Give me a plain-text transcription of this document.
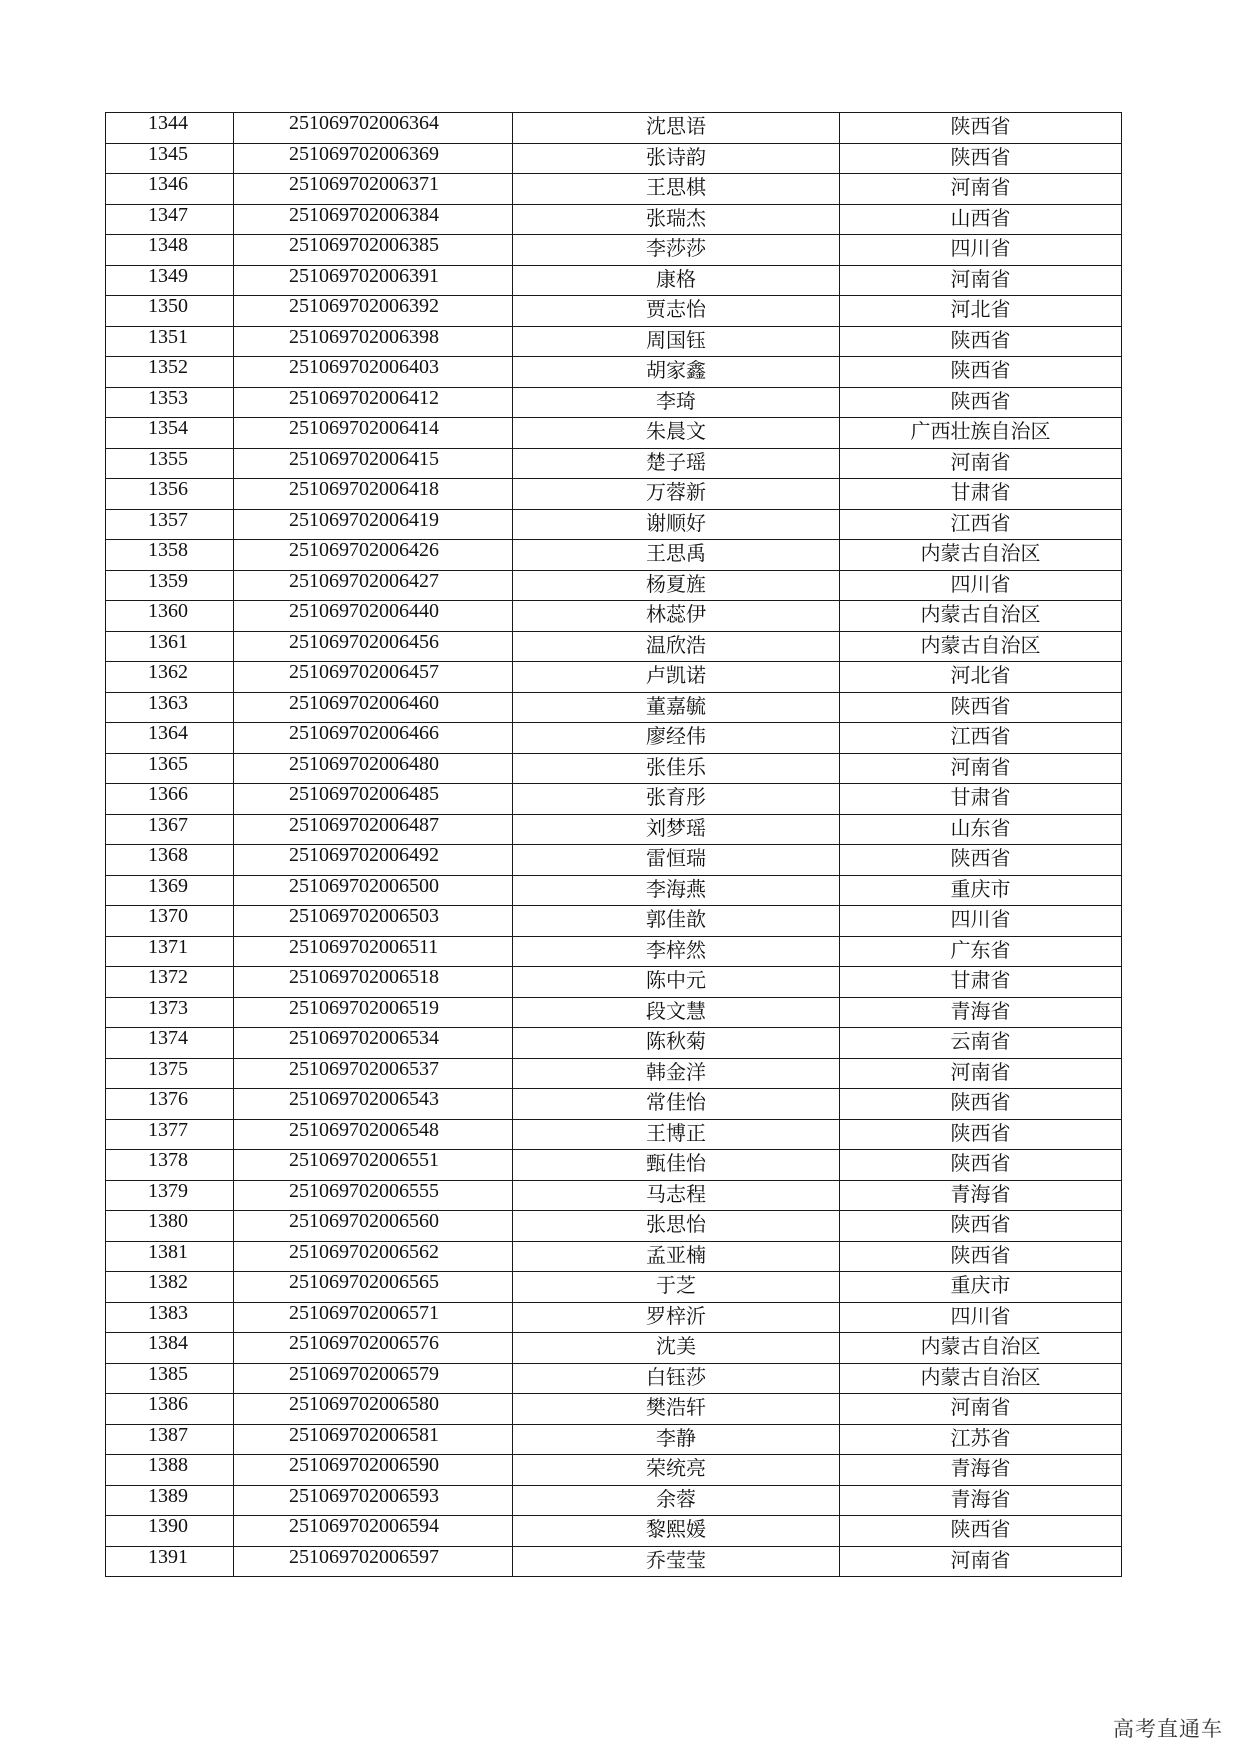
1344	251069702006364	沈思语	陕西省
1345	251069702006369	张诗韵	陕西省
1346	251069702006371	王思棋	河南省
1347	251069702006384	张瑞杰	山西省
1348	251069702006385	李莎莎	四川省
1349	251069702006391	康格	河南省
1350	251069702006392	贾志怡	河北省
1351	251069702006398	周国钰	陕西省
1352	251069702006403	胡家鑫	陕西省
1353	251069702006412	李琦	陕西省
1354	251069702006414	朱晨文	广西壮族自治区
1355	251069702006415	楚子瑶	河南省
1356	251069702006418	万蓉新	甘肃省
1357	251069702006419	谢顺好	江西省
1358	251069702006426	王思禹	内蒙古自治区
1359	251069702006427	杨夏旌	四川省
1360	251069702006440	林蕊伊	内蒙古自治区
1361	251069702006456	温欣浩	内蒙古自治区
1362	251069702006457	卢凯诺	河北省
1363	251069702006460	董嘉毓	陕西省
1364	251069702006466	廖经伟	江西省
1365	251069702006480	张佳乐	河南省
1366	251069702006485	张育彤	甘肃省
1367	251069702006487	刘梦瑶	山东省
1368	251069702006492	雷恒瑞	陕西省
1369	251069702006500	李海燕	重庆市
1370	251069702006503	郭佳歆	四川省
1371	251069702006511	李梓然	广东省
1372	251069702006518	陈中元	甘肃省
1373	251069702006519	段文慧	青海省
1374	251069702006534	陈秋菊	云南省
1375	251069702006537	韩金洋	河南省
1376	251069702006543	常佳怡	陕西省
1377	251069702006548	王博正	陕西省
1378	251069702006551	甄佳怡	陕西省
1379	251069702006555	马志程	青海省
1380	251069702006560	张思怡	陕西省
1381	251069702006562	孟亚楠	陕西省
1382	251069702006565	于芝	重庆市
1383	251069702006571	罗梓沂	四川省
1384	251069702006576	沈美	内蒙古自治区
1385	251069702006579	白钰莎	内蒙古自治区
1386	251069702006580	樊浩轩	河南省
1387	251069702006581	李静	江苏省
1388	251069702006590	荣统亮	青海省
1389	251069702006593	余蓉	青海省
1390	251069702006594	黎熙媛	陕西省
1391	251069702006597	乔莹莹	河南省
高考直通车
